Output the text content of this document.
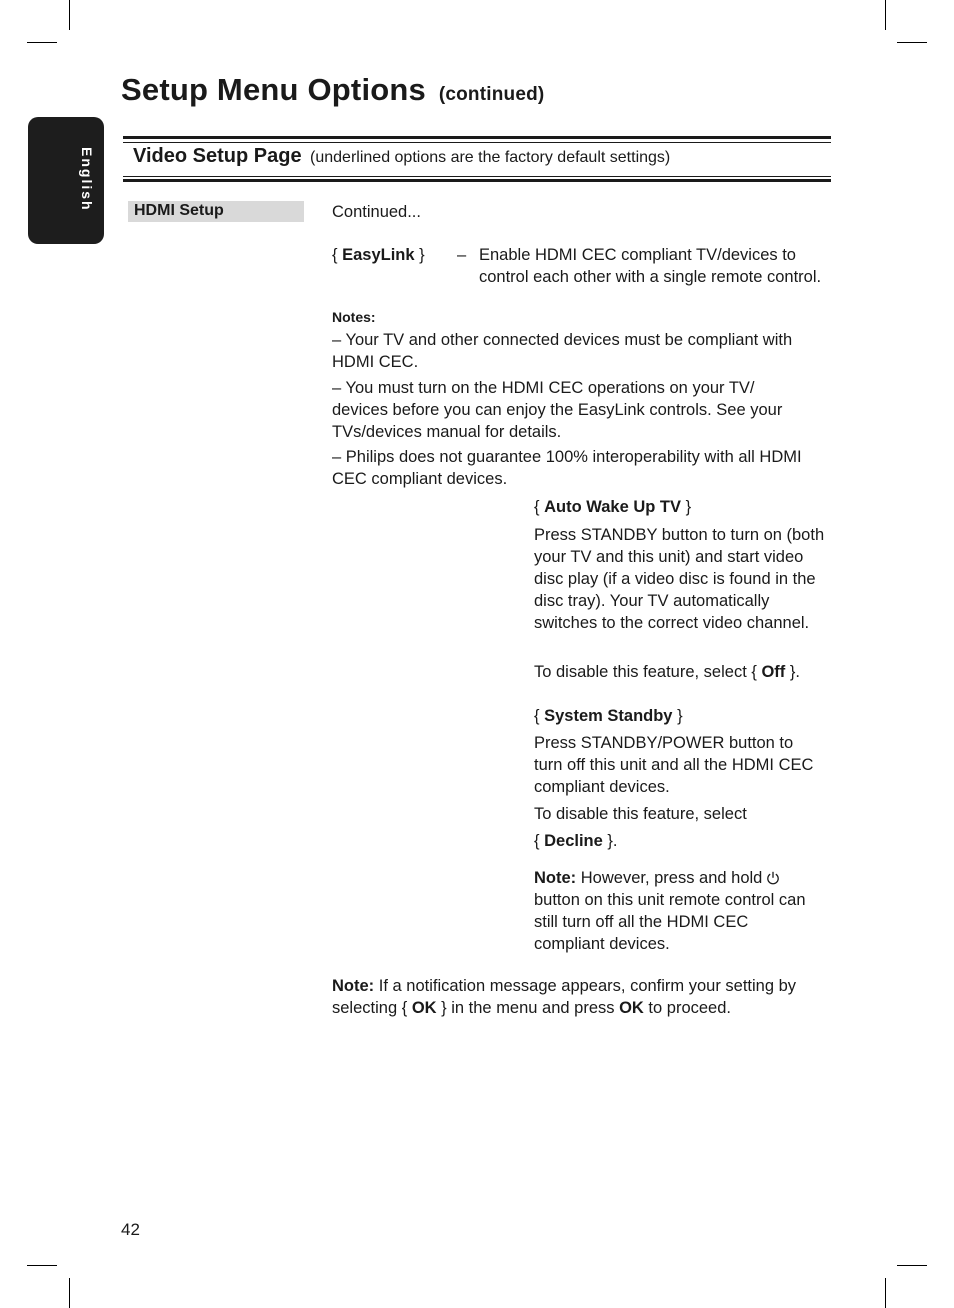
English
Setup Menu Options (continued)
Video Setup Page (underlined options are the factory default settings)
HDMI Setup	Continued...
{ EasyLink } – Enable HDMI CEC compliant TV/devices to control each other with a single remote control.
Notes:
– Your TV and other connected devices must be compliant with HDMI CEC.
– You must turn on the HDMI CEC operations on your TV/ devices before you can enjoy the EasyLink controls. See your TVs/devices manual for details.
– Philips does not guarantee 100% interoperability with all HDMI CEC compliant devices.
{ Auto Wake Up TV }
Press STANDBY button to turn on (both your TV and this unit) and start video disc play (if a video disc is found in the disc tray). Your TV automatically switches to the correct video channel.
To disable this feature, select { Off }.
{ System Standby }
Press STANDBY/POWER button to turn off this unit and all the HDMI CEC compliant devices.
To disable this feature, select
{ Decline }.
Note: However, press and hold
button on this unit remote control can still turn off all the HDMI CEC compliant devices.
Note: If a notification message appears, confirm your setting by selecting { OK } in the menu and press OK to proceed.
42
